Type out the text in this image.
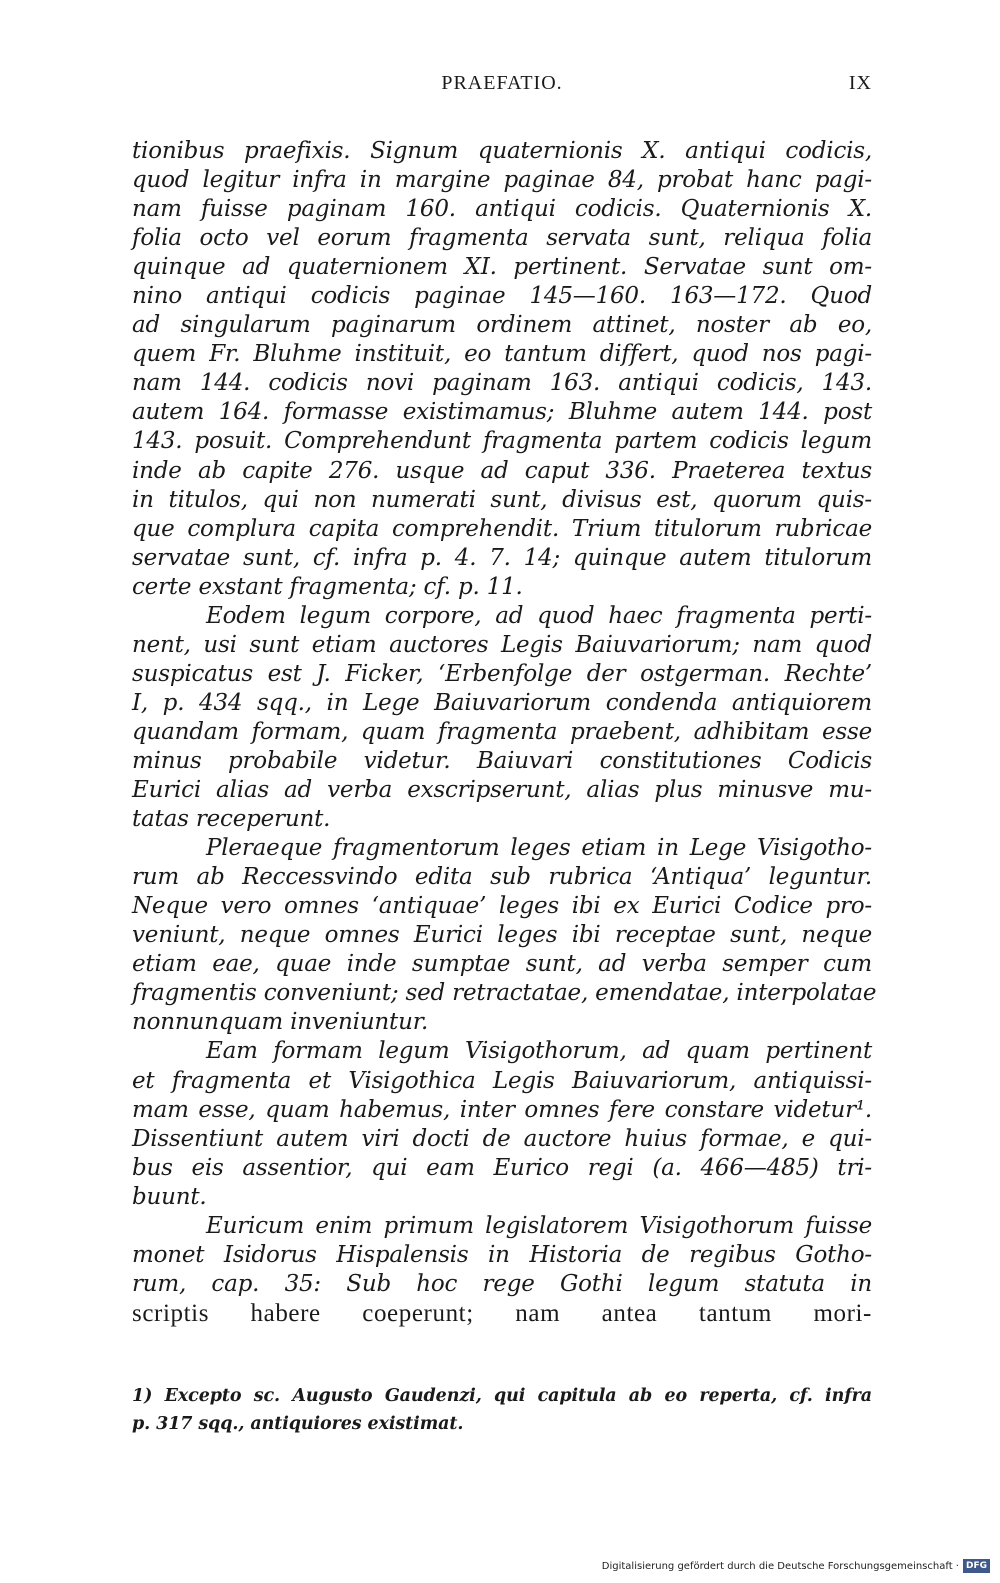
PRAEFATIO.	IX
tionibus praefixis. Signum quaternionis X. antiqui codicis,
quod legitur infra in margine paginae 84, probat hanc pagi-
nam fuisse paginam 160. antiqui codicis. Quaternionis X.
folia octo vel eorum fragmenta servata sunt, reliqua folia
quinque ad quaternionem XI. pertinent. Servatae sunt om-
nino antiqui codicis paginae 145—160. 163—172. Quod
ad singularum paginarum ordinem attinet, noster ab eo,
quem Fr. Bluhme instituit, eo tantum differt, quod nos pagi-
nam 144. codicis novi paginam 163. antiqui codicis, 143.
autem 164. formasse existimamus; Bluhme autem 144. post
143. posuit. Comprehendunt fragmenta partem codicis legum
inde ab capite 276. usque ad caput 336. Praeterea textus
in titulos, qui non numerati sunt, divisus est, quorum quis-
que complura capita comprehendit. Trium titulorum rubricae
servatae sunt, cf. infra p. 4. 7. 14; quinque autem titulorum
certe exstant fragmenta; cf. p. 11.
Eodem legum corpore, ad quod haec fragmenta perti-
nent, usi sunt etiam auctores Legis Baiuvariorum; nam quod
suspicatus est J. Ficker, ‘Erbenfolge der ostgerman. Rechte’
I, p. 434 sqq., in Lege Baiuvariorum condenda antiquiorem
quandam formam, quam fragmenta praebent, adhibitam esse
minus probabile videtur. Baiuvari constitutiones Codicis
Eurici alias ad verba exscripserunt, alias plus minusve mu-
tatas receperunt.
Pleraeque fragmentorum leges etiam in Lege Visigotho-
rum ab Reccessvindo edita sub rubrica ‘Antiqua’ leguntur.
Neque vero omnes ‘antiquae’ leges ibi ex Eurici Codice pro-
veniunt, neque omnes Eurici leges ibi receptae sunt, neque
etiam eae, quae inde sumptae sunt, ad verba semper cum
fragmentis conveniunt; sed retractatae, emendatae, interpolatae
nonnunquam inveniuntur.
Eam formam legum Visigothorum, ad quam pertinent
et fragmenta et Visigothica Legis Baiuvariorum, antiquissi-
mam esse, quam habemus, inter omnes fere constare videtur¹.
Dissentiunt autem viri docti de auctore huius formae, e qui-
bus eis assentior, qui eam Eurico regi (a. 466—485) tri-
buunt.
Euricum enim primum legislatorem Visigothorum fuisse
monet Isidorus Hispalensis in Historia de regibus Gotho-
rum, cap. 35: Sub hoc rege Gothi legum statuta in
scriptis habere coeperunt; nam antea tantum mori-
1) Excepto sc. Augusto Gaudenzi, qui capitula ab eo reperta, cf. infra
p. 317 sqq., antiquiores existimat.
Digitalisierung gefördert durch die Deutsche Forschungsgemeinschaft · DFG
